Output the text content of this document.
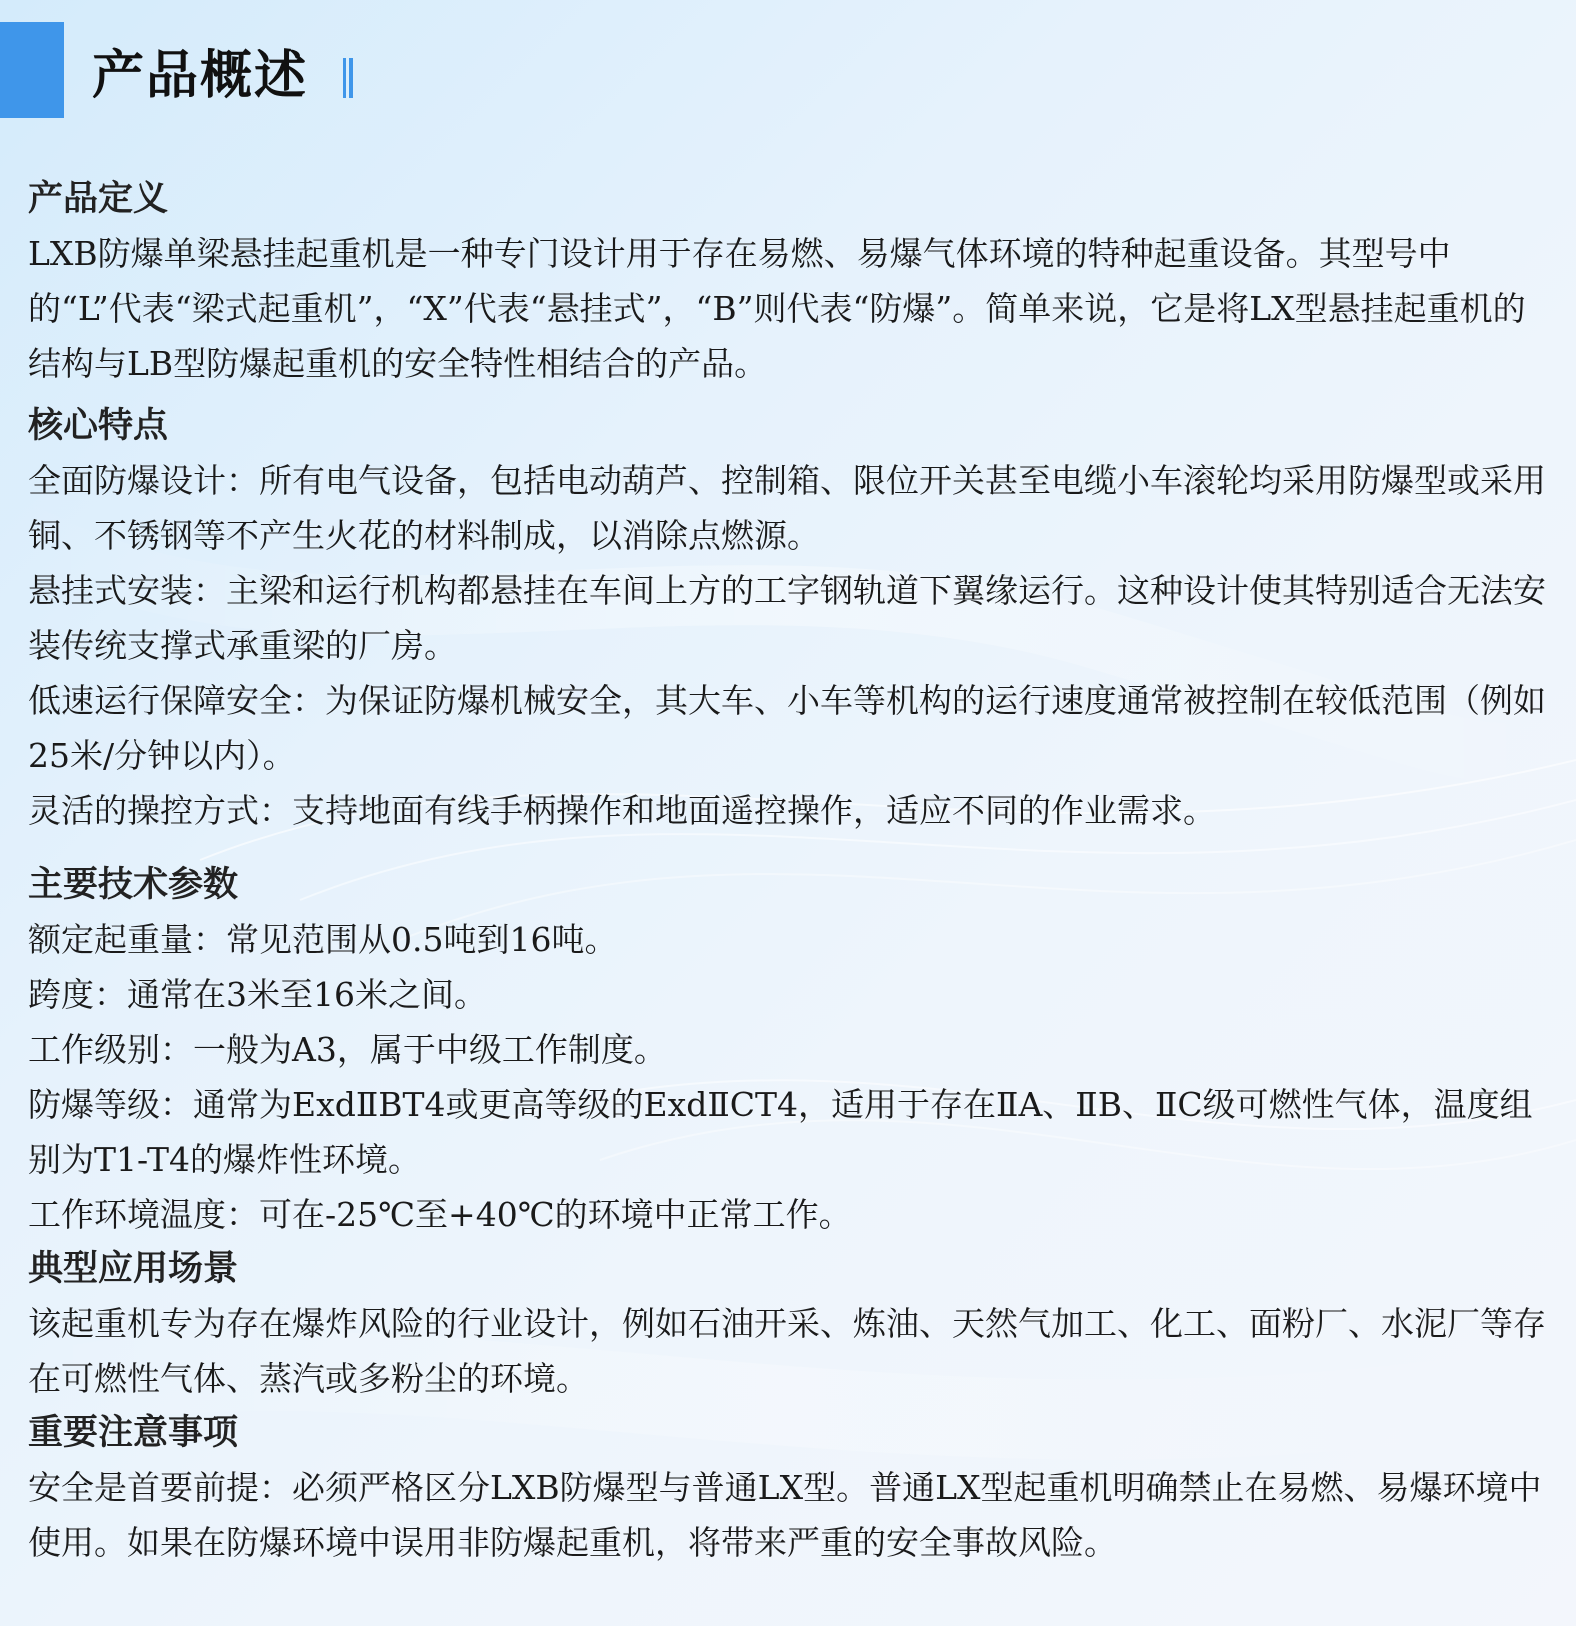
产品概述
产品定义

LXB防爆单梁悬挂起重机是一种专门设计用于存在易燃、易爆气体环境的特种起重设备。其型号中的“L”代表“梁式起重机”，“X”代表“悬挂式”，“B”则代表“防爆”。简单来说，它是将LX型悬挂起重机的结构与LB型防爆起重机的安全特性相结合的产品。

核心特点

全面防爆设计：所有电气设备，包括电动葫芦、控制箱、限位开关甚至电缆小车滚轮均采用防爆型或采用铜、不锈钢等不产生火花的材料制成，以消除点燃源。

悬挂式安装：主梁和运行机构都悬挂在车间上方的工字钢轨道下翼缘运行。这种设计使其特别适合无法安装传统支撑式承重梁的厂房。

低速运行保障安全：为保证防爆机械安全，其大车、小车等机构的运行速度通常被控制在较低范围（例如25米/分钟以内）。

灵活的操控方式：支持地面有线手柄操作和地面遥控操作，适应不同的作业需求。

主要技术参数

额定起重量：常见范围从0.5吨到16吨。

跨度：通常在3米至16米之间。

工作级别：一般为A3，属于中级工作制度。

防爆等级：通常为ExdⅡBT4或更高等级的ExdⅡCT4，适用于存在ⅡA、ⅡB、ⅡC级可燃性气体，温度组别为T1-T4的爆炸性环境。

工作环境温度：可在-25℃至+40℃的环境中正常工作。

典型应用场景

该起重机专为存在爆炸风险的行业设计，例如石油开采、炼油、天然气加工、化工、面粉厂、水泥厂等存在可燃性气体、蒸汽或多粉尘的环境。

重要注意事项

安全是首要前提：必须严格区分LXB防爆型与普通LX型。普通LX型起重机明确禁止在易燃、易爆环境中使用。如果在防爆环境中误用非防爆起重机，将带来严重的安全事故风险。
